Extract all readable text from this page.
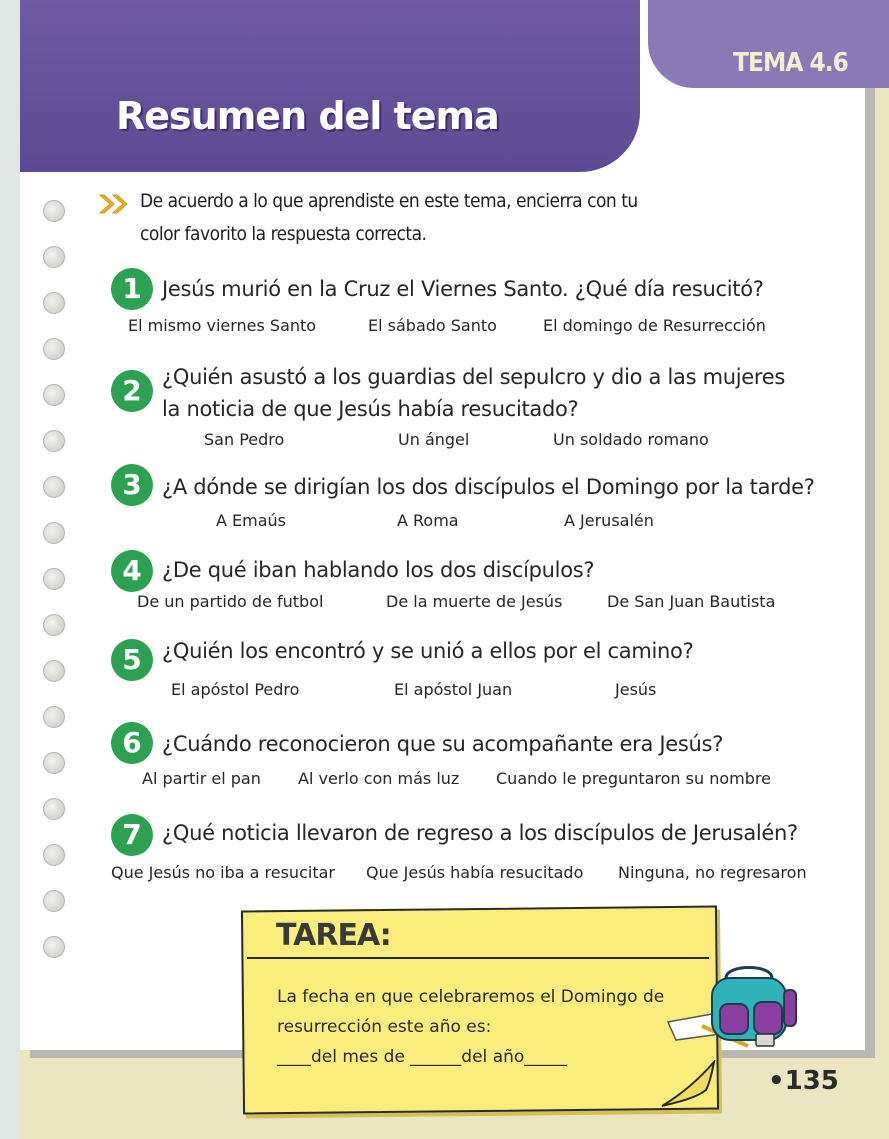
TEMA 4.6
Resumen del tema
De acuerdo a lo que aprendiste en este tema, encierra con tu color favorito la respuesta correcta.
1 Jesús murió en la Cruz el Viernes Santo. ¿Qué día resucitó?
El mismo viernes Santo	El sábado Santo	El domingo de Resurrección
2 ¿Quién asustó a los guardias del sepulcro y dio a las mujeres
la noticia de que Jesús había resucitado?
San Pedro	Un ángel	Un soldado romano
3 ¿A dónde se dirigían los dos discípulos el Domingo por la tarde?
A Emaús	A Roma	A Jerusalén
4 ¿De qué iban hablando los dos discípulos?
De un partido de futbol	De la muerte de Jesús	De San Juan Bautista
5 ¿Quién los encontró y se unió a ellos por el camino?
El apóstol Pedro	El apóstol Juan	Jesús
6 ¿Cuándo reconocieron que su acompañante era Jesús?
Al partir el pan Al verlo con más luz Cuando le preguntaron su nombre
7 ¿Qué noticia llevaron de regreso a los discípulos de Jerusalén?
Que Jesús no iba a resucitar Que Jesús había resucitado Ninguna, no regresaron
TAREA:
La fecha en que celebraremos el Domingo de
resurrección este año es:
____del mes de ______del año_____
•135
